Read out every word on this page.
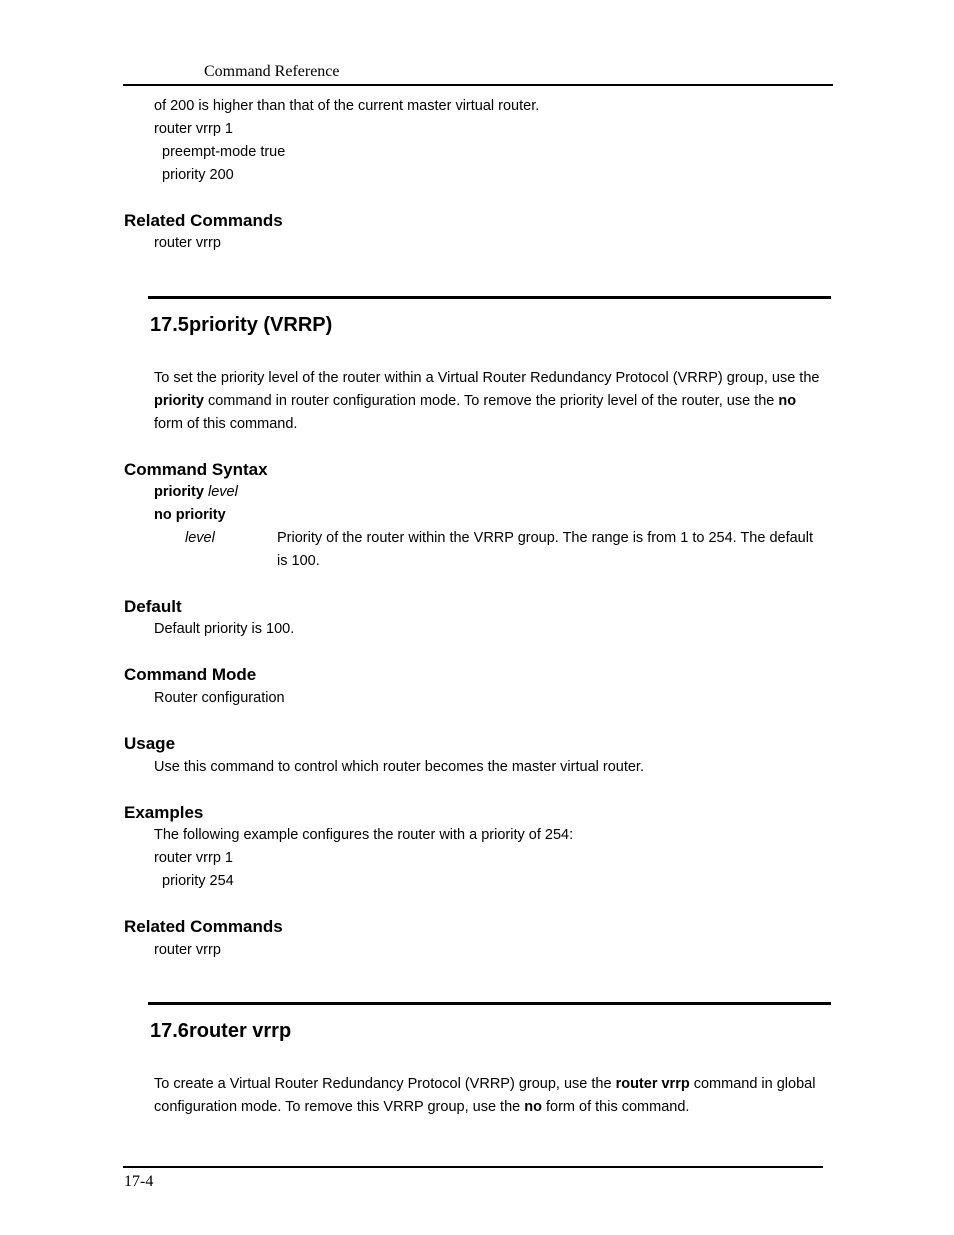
Command Reference
of 200 is higher than that of the current master virtual router.
router vrrp 1
preempt-mode true
priority 200
Related Commands
router vrrp
17.5priority (VRRP)
To set the priority level of the router within a Virtual Router Redundancy Protocol (VRRP) group, use the
priority command in router configuration mode. To remove the priority level of the router, use the no
form of this command.
Command Syntax
priority level
no priority
level	Priority of the router within the VRRP group. The range is from 1 to 254. The default
is 100.
Default
Default priority is 100.
Command Mode
Router configuration
Usage
Use this command to control which router becomes the master virtual router.
Examples
The following example configures the router with a priority of 254:
router vrrp 1
priority 254
Related Commands
router vrrp
17.6router vrrp
To create a Virtual Router Redundancy Protocol (VRRP) group, use the router vrrp command in global
configuration mode. To remove this VRRP group, use the no form of this command.
17-4
